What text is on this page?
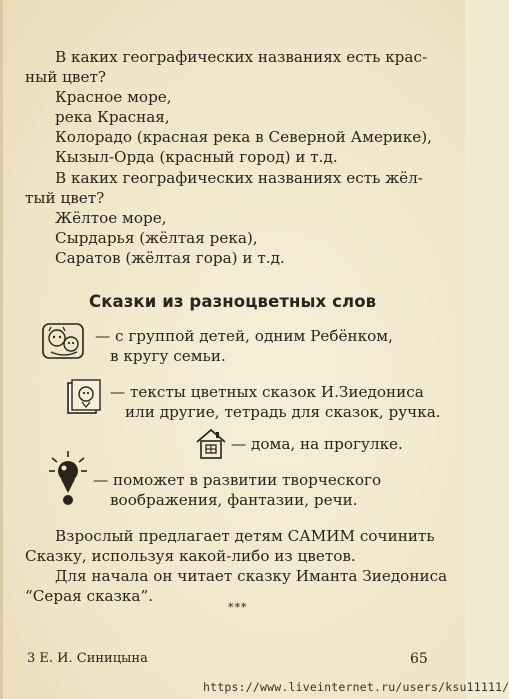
В каких географических названиях есть крас-
ный цвет?
Красное море,
река Красная,
Колорадо (красная река в Северной Америке),
Кызыл-Орда (красный город) и т.д.
В каких географических названиях есть жёл-
тый цвет?
Жёлтое море,
Сырдарья (жёлтая река),
Саратов (жёлтая гора) и т.д.
Сказки из разноцветных слов
— с группой детей, одним Ребёнком,
в кругу семьи.
— тексты цветных сказок И.Зиедониса
или другие, тетрадь для сказок, ручка.
— дома, на прогулке.
— поможет в развитии творческого
воображения, фантазии, речи.
Взрослый предлагает детям САМИМ сочинить
Сказку, используя какой-либо из цветов.
Для начала он читает сказку Иманта Зиедониса
“Серая сказка”.
***
3 Е. И. Синицына	65
https://www.liveinternet.ru/users/ksu11111/
